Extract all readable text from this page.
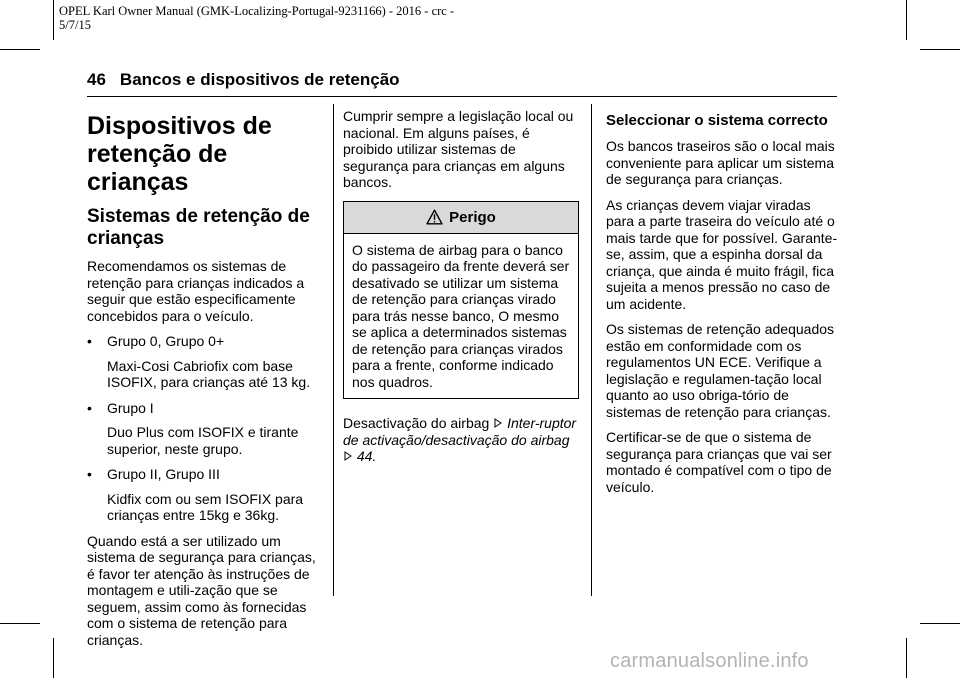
OPEL Karl Owner Manual (GMK-Localizing-Portugal-9231166) - 2016 - crc -
5/7/15
46 Bancos e dispositivos de retenção
Dispositivos de retenção de crianças
Sistemas de retenção de crianças

Recomendamos os sistemas de retenção para crianças indicados a seguir que estão especificamente concebidos para o veículo.

•	Grupo 0, Grupo 0+

Maxi-Cosi Cabriofix com base ISOFIX, para crianças até 13 kg.

•	Grupo I

Duo Plus com ISOFIX e tirante superior, neste grupo.

•	Grupo II, Grupo III

Kidfix com ou sem ISOFIX para crianças entre 15kg e 36kg.

Quando está a ser utilizado um sistema de segurança para crianças, é favor ter atenção às instruções de montagem e utili-zação que se seguem, assim como às fornecidas com o sistema de retenção para crianças.

Cumprir sempre a legislação local ou nacional. Em alguns países, é proibido utilizar sistemas de segurança para crianças em alguns bancos.

Perigo
O sistema de airbag para o banco do passageiro da frente deverá ser desativado se utilizar um sistema de retenção para crianças virado para trás nesse banco, O mesmo se aplica a determinados sistemas de retenção para crianças virados para a frente, conforme indicado nos quadros.

Desactivação do airbag Inter-ruptor de activação/desactivação do airbag  44.

Seleccionar o sistema correcto

Os bancos traseiros são o local mais conveniente para aplicar um sistema de segurança para crianças.

As crianças devem viajar viradas para a parte traseira do veículo até o mais tarde que for possível. Garante-se, assim, que a espinha dorsal da criança, que ainda é muito frágil, fica sujeita a menos pressão no caso de um acidente.

Os sistemas de retenção adequados estão em conformidade com os regulamentos UN ECE. Verifique a legislação e regulamen-tação local quanto ao uso obriga-tório de sistemas de retenção para crianças.

Certificar-se de que o sistema de segurança para crianças que vai ser montado é compatível com o tipo de veículo.

carmanualsonline.info
